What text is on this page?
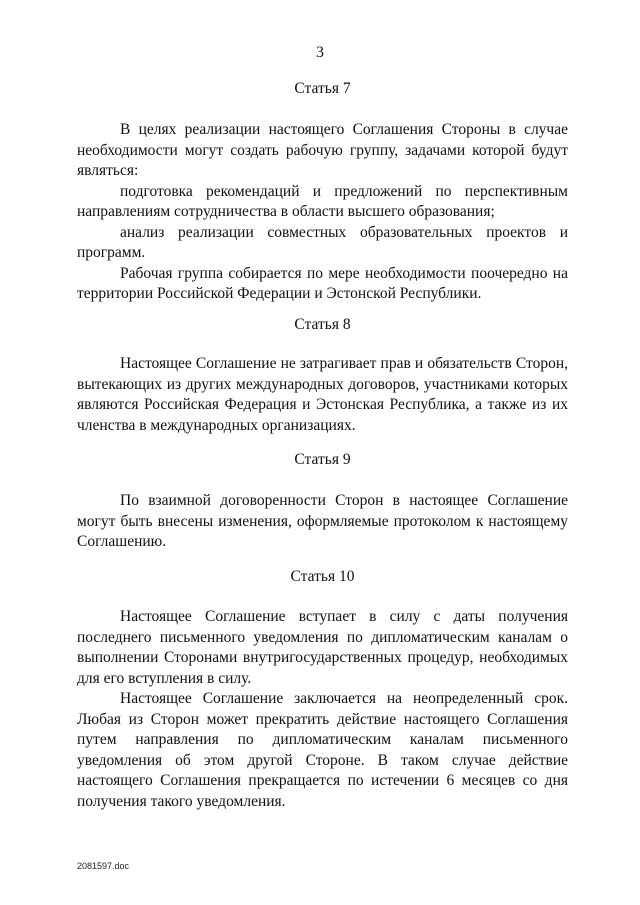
3

Статья 7

В целях реализации настоящего Соглашения Стороны в случае необходимости могут создать рабочую группу, задачами которой будут являться:

подготовка рекомендаций и предложений по перспективным направлениям сотрудничества в области высшего образования;

анализ реализации совместных образовательных проектов и программ.

Рабочая группа собирается по мере необходимости поочередно на территории Российской Федерации и Эстонской Республики.

Статья 8

Настоящее Соглашение не затрагивает прав и обязательств Сторон, вытекающих из других международных договоров, участниками которых являются Российская Федерация и Эстонская Республика, а также из их членства в международных организациях.

Статья 9

По взаимной договоренности Сторон в настоящее Соглашение могут быть внесены изменения, оформляемые протоколом к настоящему Соглашению.

Статья 10

Настоящее Соглашение вступает в силу с даты получения последнего письменного уведомления по дипломатическим каналам о выполнении Сторонами внутригосударственных процедур, необходимых для его вступления в силу.

Настоящее Соглашение заключается на неопределенный срок. Любая из Сторон может прекратить действие настоящего Соглашения путем направления по дипломатическим каналам письменного уведомления об этом другой Стороне. В таком случае действие настоящего Соглашения прекращается по истечении 6 месяцев со дня получения такого уведомления.

2081597.doc
